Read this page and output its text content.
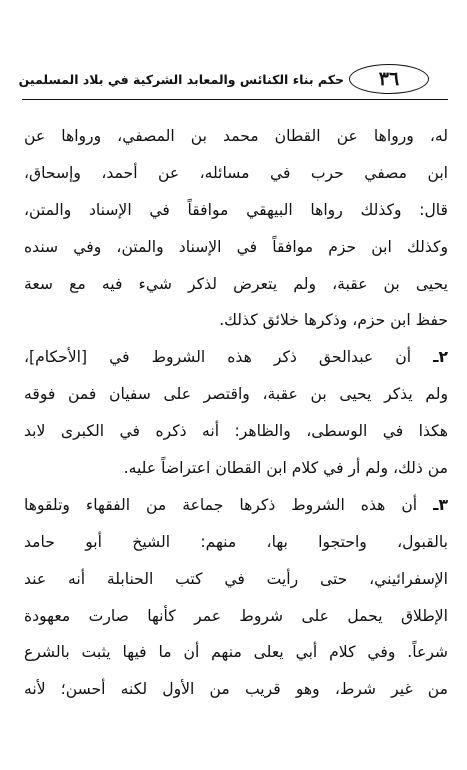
٣٦
حكم بناء الكنائس والمعابد الشركية في بلاد المسلمين
له، ورواها عن القطان محمد بن المصفي، ورواها عن
ابن مصفي حرب في مسائله، عن أحمد، وإسحاق،
قال: وكذلك رواها البيهقي موافقاً في الإسناد والمتن،
وكذلك ابن حزم موافقاً في الإسناد والمتن، وفي سنده
يحيى بن عقبة، ولم يتعرض لذكر شيء فيه مع سعة
حفظ ابن حزم، وذكرها خلائق كذلك.
٢ـ أن عبدالحق ذكر هذه الشروط في [الأحكام]،
ولم يذكر يحيى بن عقبة، واقتصر على سفيان فمن فوقه
هكذا في الوسطى، والظاهر: أنه ذكره في الكبرى لابد
من ذلك، ولم أر في كلام ابن القطان اعتراضاً عليه.
٣ـ أن هذه الشروط ذكرها جماعة من الفقهاء وتلقوها
بالقبول، واحتجوا بها، منهم: الشيخ أبو حامد
الإسفرائيني، حتى رأيت في كتب الحنابلة أنه عند
الإطلاق يحمل على شروط عمر كأنها صارت معهودة
شرعاً. وفي كلام أبي يعلى منهم أن ما فيها يثبت بالشرع
من غير شرط، وهو قريب من الأول لكنه أحسن؛ لأنه
